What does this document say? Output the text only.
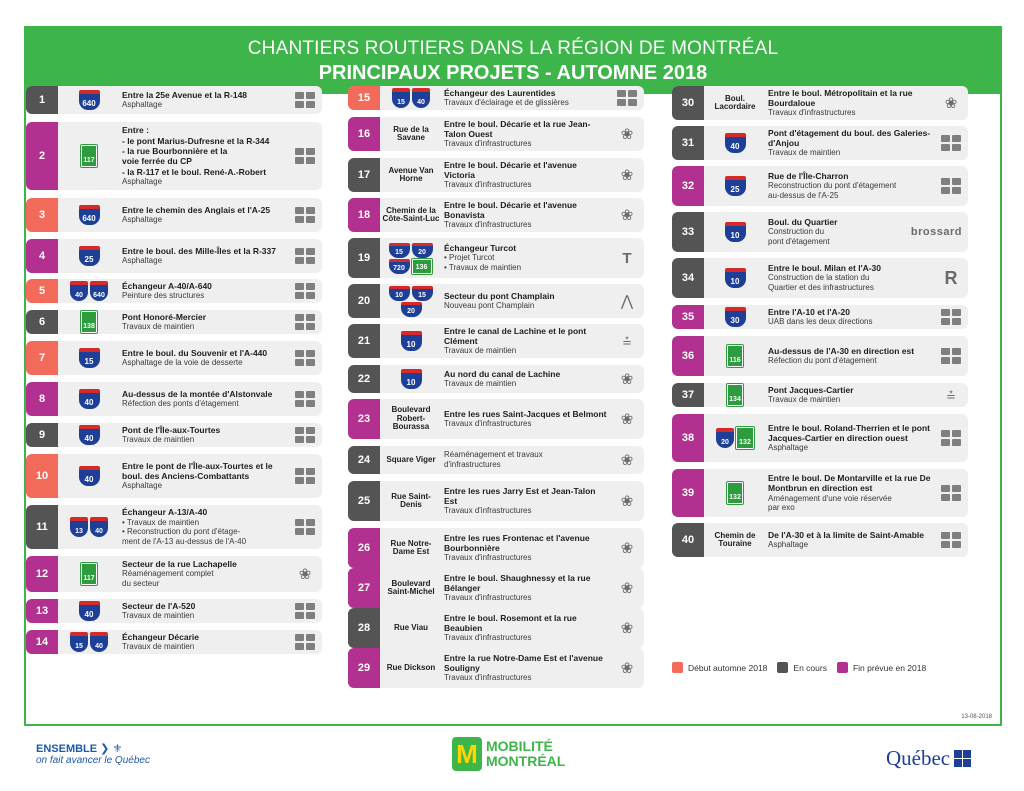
CHANTIERS ROUTIERS DANS LA RÉGION DE MONTRÉAL
PRINCIPAUX PROJETS - AUTOMNE 2018
13-08-2018
1	640
Entre la 25e Avenue et la R-148
Asphaltage
2	117
Entre :
- le pont Marius-Dufresne et la R-344
- la rue Bourbonnière et la
voie ferrée du CP
- la R-117 et le boul. René-A.-Robert
Asphaltage
3	640
Entre le chemin des Anglais et l'A-25
Asphaltage
4	25
Entre le boul. des Mille-Îles et la R-337
Asphaltage
5	40	640
Échangeur A-40/A-640
Peinture des structures
6	138
Pont Honoré-Mercier
Travaux de maintien
7	15
Entre le boul. du Souvenir et l'A-440
Asphaltage de la voie de desserte
8	40
Au-dessus de la montée d'Alstonvale
Réfection des ponts d'étagement
9	40
Pont de l'Île-aux-Tourtes
Travaux de maintien
10	40
Entre le pont de l'Île-aux-Tourtes et le boul. des Anciens-Combattants
Asphaltage
11	13	40
Échangeur A-13/A-40
• Travaux de maintien
• Reconstruction du pont d'étage-
ment de l'A-13 au-dessus de l'A-40
12	117
Secteur de la rue Lachapelle
Réaménagement complet
du secteur
❀
13	40
Secteur de l'A-520
Travaux de maintien
14	15	40
Échangeur Décarie
Travaux de maintien
15	15	40
Échangeur des Laurentides
Travaux d'éclairage et de glissières
16	Rue de la Savane
Entre le boul. Décarie et la rue Jean-Talon Ouest
Travaux d'infrastructures
❀
17	Avenue Van Horne
Entre le boul. Décarie et l'avenue Victoria
Travaux d'infrastructures
❀
18	Chemin de la Côte-Saint-Luc
Entre le boul. Décarie et l'avenue Bonavista
Travaux d'infrastructures
❀
19	15	20
720	136
Échangeur Turcot
• Projet Turcot
• Travaux de maintien
T
20	10	15
20
Secteur du pont Champlain
Nouveau pont Champlain	⋀
21	10
Entre le canal de Lachine et le pont Clément
Travaux de maintien
⩮
22	10
Au nord du canal de Lachine
Travaux de maintien	❀
23
Boulevard Robert-Bourassa
Entre les rues Saint-Jacques et Belmont
Travaux d'infrastructures	❀
24	Square Viger
Réaménagement et travaux
d'infrastructures	❀
25	Rue Saint-Denis
Entre les rues Jarry Est et Jean-Talon Est
Travaux d'infrastructures
❀
26	Rue Notre-Dame Est
Entre les rues Frontenac et l'avenue Bourbonnière
Travaux d'infrastructures
❀
27	Boulevard Saint-Michel
Entre le boul. Shaughnessy et la rue Bélanger
Travaux d'infrastructures
❀
28	Rue Viau
Entre le boul. Rosemont et la rue Beaubien
Travaux d'infrastructures
❀
29	Rue Dickson
Entre la rue Notre-Dame Est et l'avenue Souligny
Travaux d'infrastructures
❀
30	Boul. Lacordaire
Entre le boul. Métropolitain et la rue Bourdaloue
Travaux d'infrastructures
❀
31	40
Pont d'étagement du boul. des Galeries-d'Anjou
Travaux de maintien
32	25
Rue de l'Île-Charron
Reconstruction du pont d'étagement
au-dessus de l'A-25
33	10
Boul. du Quartier
Construction du
pont d'étagement
brossard
34	10
Entre le boul. Milan et l'A-30
Construction de la station du
Quartier et des infrastructures
R
35	30
Entre l'A-10 et l'A-20
UAB dans les deux directions
36	116
Au-dessus de l'A-30 en direction est
Réfection du pont d'étagement
37	134
Pont Jacques-Cartier
Travaux de maintien	⩮
38	20	132
Entre le boul. Roland-Therrien et le pont Jacques-Cartier en direction ouest
Asphaltage
39	132
Entre le boul. De Montarville et la rue De Montbrun en direction est
Aménagement d'une voie réservée
par exo
40	Chemin de Touraine
De l'A-30 et à la limite de Saint-Amable
Asphaltage
Début automne 2018	En cours	Fin prévue en 2018
ENSEMBLE ❯ ⚜
on fait avancer le Québec	M MOBILITÉ
MONTRÉAL	Québec
